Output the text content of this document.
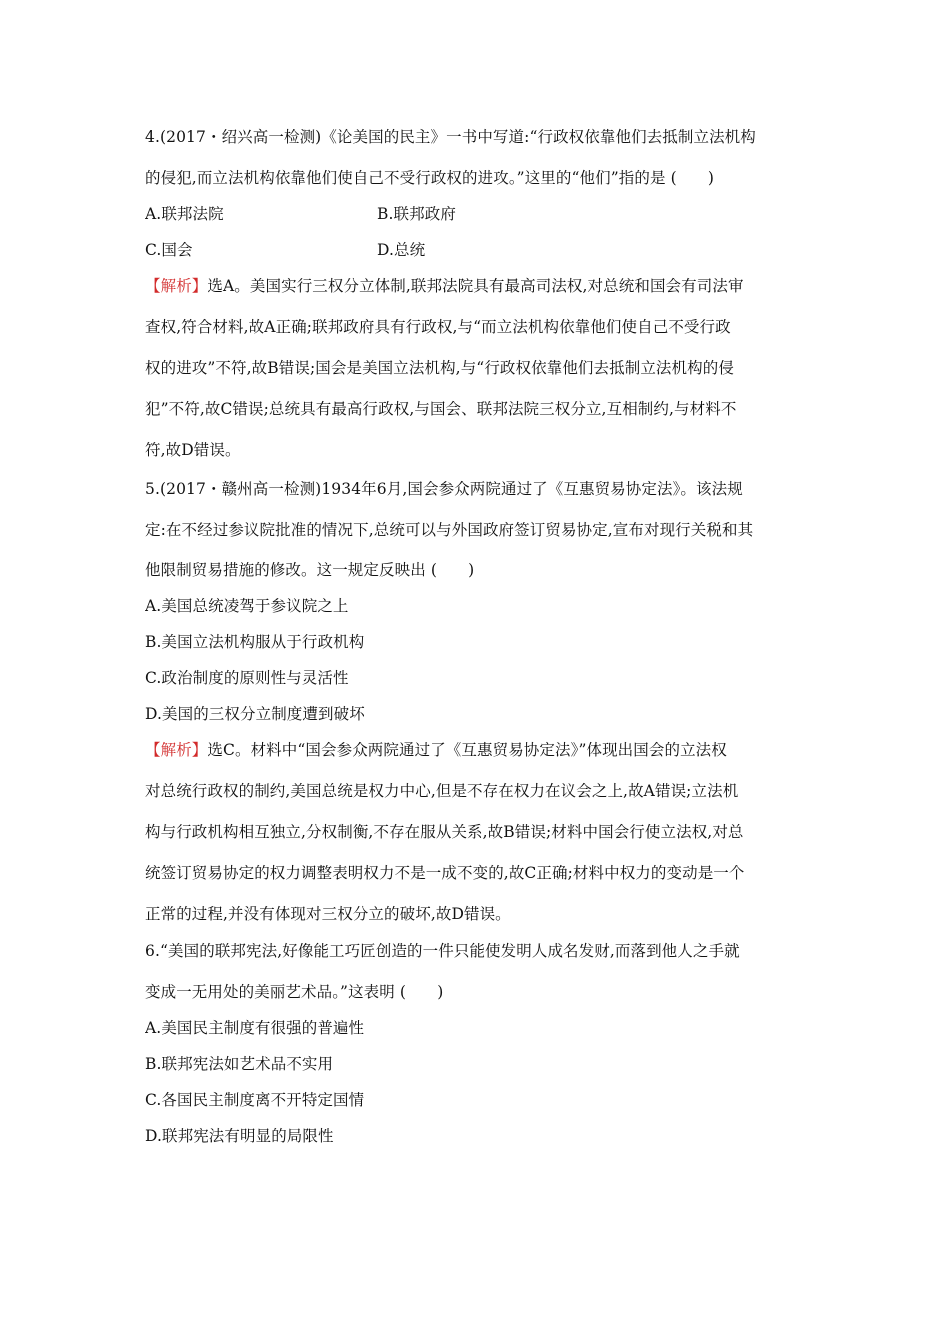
4.(2017・绍兴高一检测)《论美国的民主》一书中写道:“行政权依靠他们去抵制立法机构
的侵犯,而立法机构依靠他们使自己不受行政权的进攻。”这里的“他们”指的是 (　　)
A.联邦法院	B.联邦政府
C.国会	D.总统
【解析】选A。美国实行三权分立体制,联邦法院具有最高司法权,对总统和国会有司法审
查权,符合材料,故A正确;联邦政府具有行政权,与“而立法机构依靠他们使自己不受行政
权的进攻”不符,故B错误;国会是美国立法机构,与“行政权依靠他们去抵制立法机构的侵
犯”不符,故C错误;总统具有最高行政权,与国会、联邦法院三权分立,互相制约,与材料不
符,故D错误。
5.(2017・赣州高一检测)1934年6月,国会参众两院通过了《互惠贸易协定法》。该法规
定:在不经过参议院批准的情况下,总统可以与外国政府签订贸易协定,宣布对现行关税和其
他限制贸易措施的修改。这一规定反映出 (　　)
A.美国总统凌驾于参议院之上
B.美国立法机构服从于行政机构
C.政治制度的原则性与灵活性
D.美国的三权分立制度遭到破坏
【解析】选C。材料中“国会参众两院通过了《互惠贸易协定法》”体现出国会的立法权
对总统行政权的制约,美国总统是权力中心,但是不存在权力在议会之上,故A错误;立法机
构与行政机构相互独立,分权制衡,不存在服从关系,故B错误;材料中国会行使立法权,对总
统签订贸易协定的权力调整表明权力不是一成不变的,故C正确;材料中权力的变动是一个
正常的过程,并没有体现对三权分立的破坏,故D错误。
6.“美国的联邦宪法,好像能工巧匠创造的一件只能使发明人成名发财,而落到他人之手就
变成一无用处的美丽艺术品。”这表明 (　　)
A.美国民主制度有很强的普遍性
B.联邦宪法如艺术品不实用
C.各国民主制度离不开特定国情
D.联邦宪法有明显的局限性
